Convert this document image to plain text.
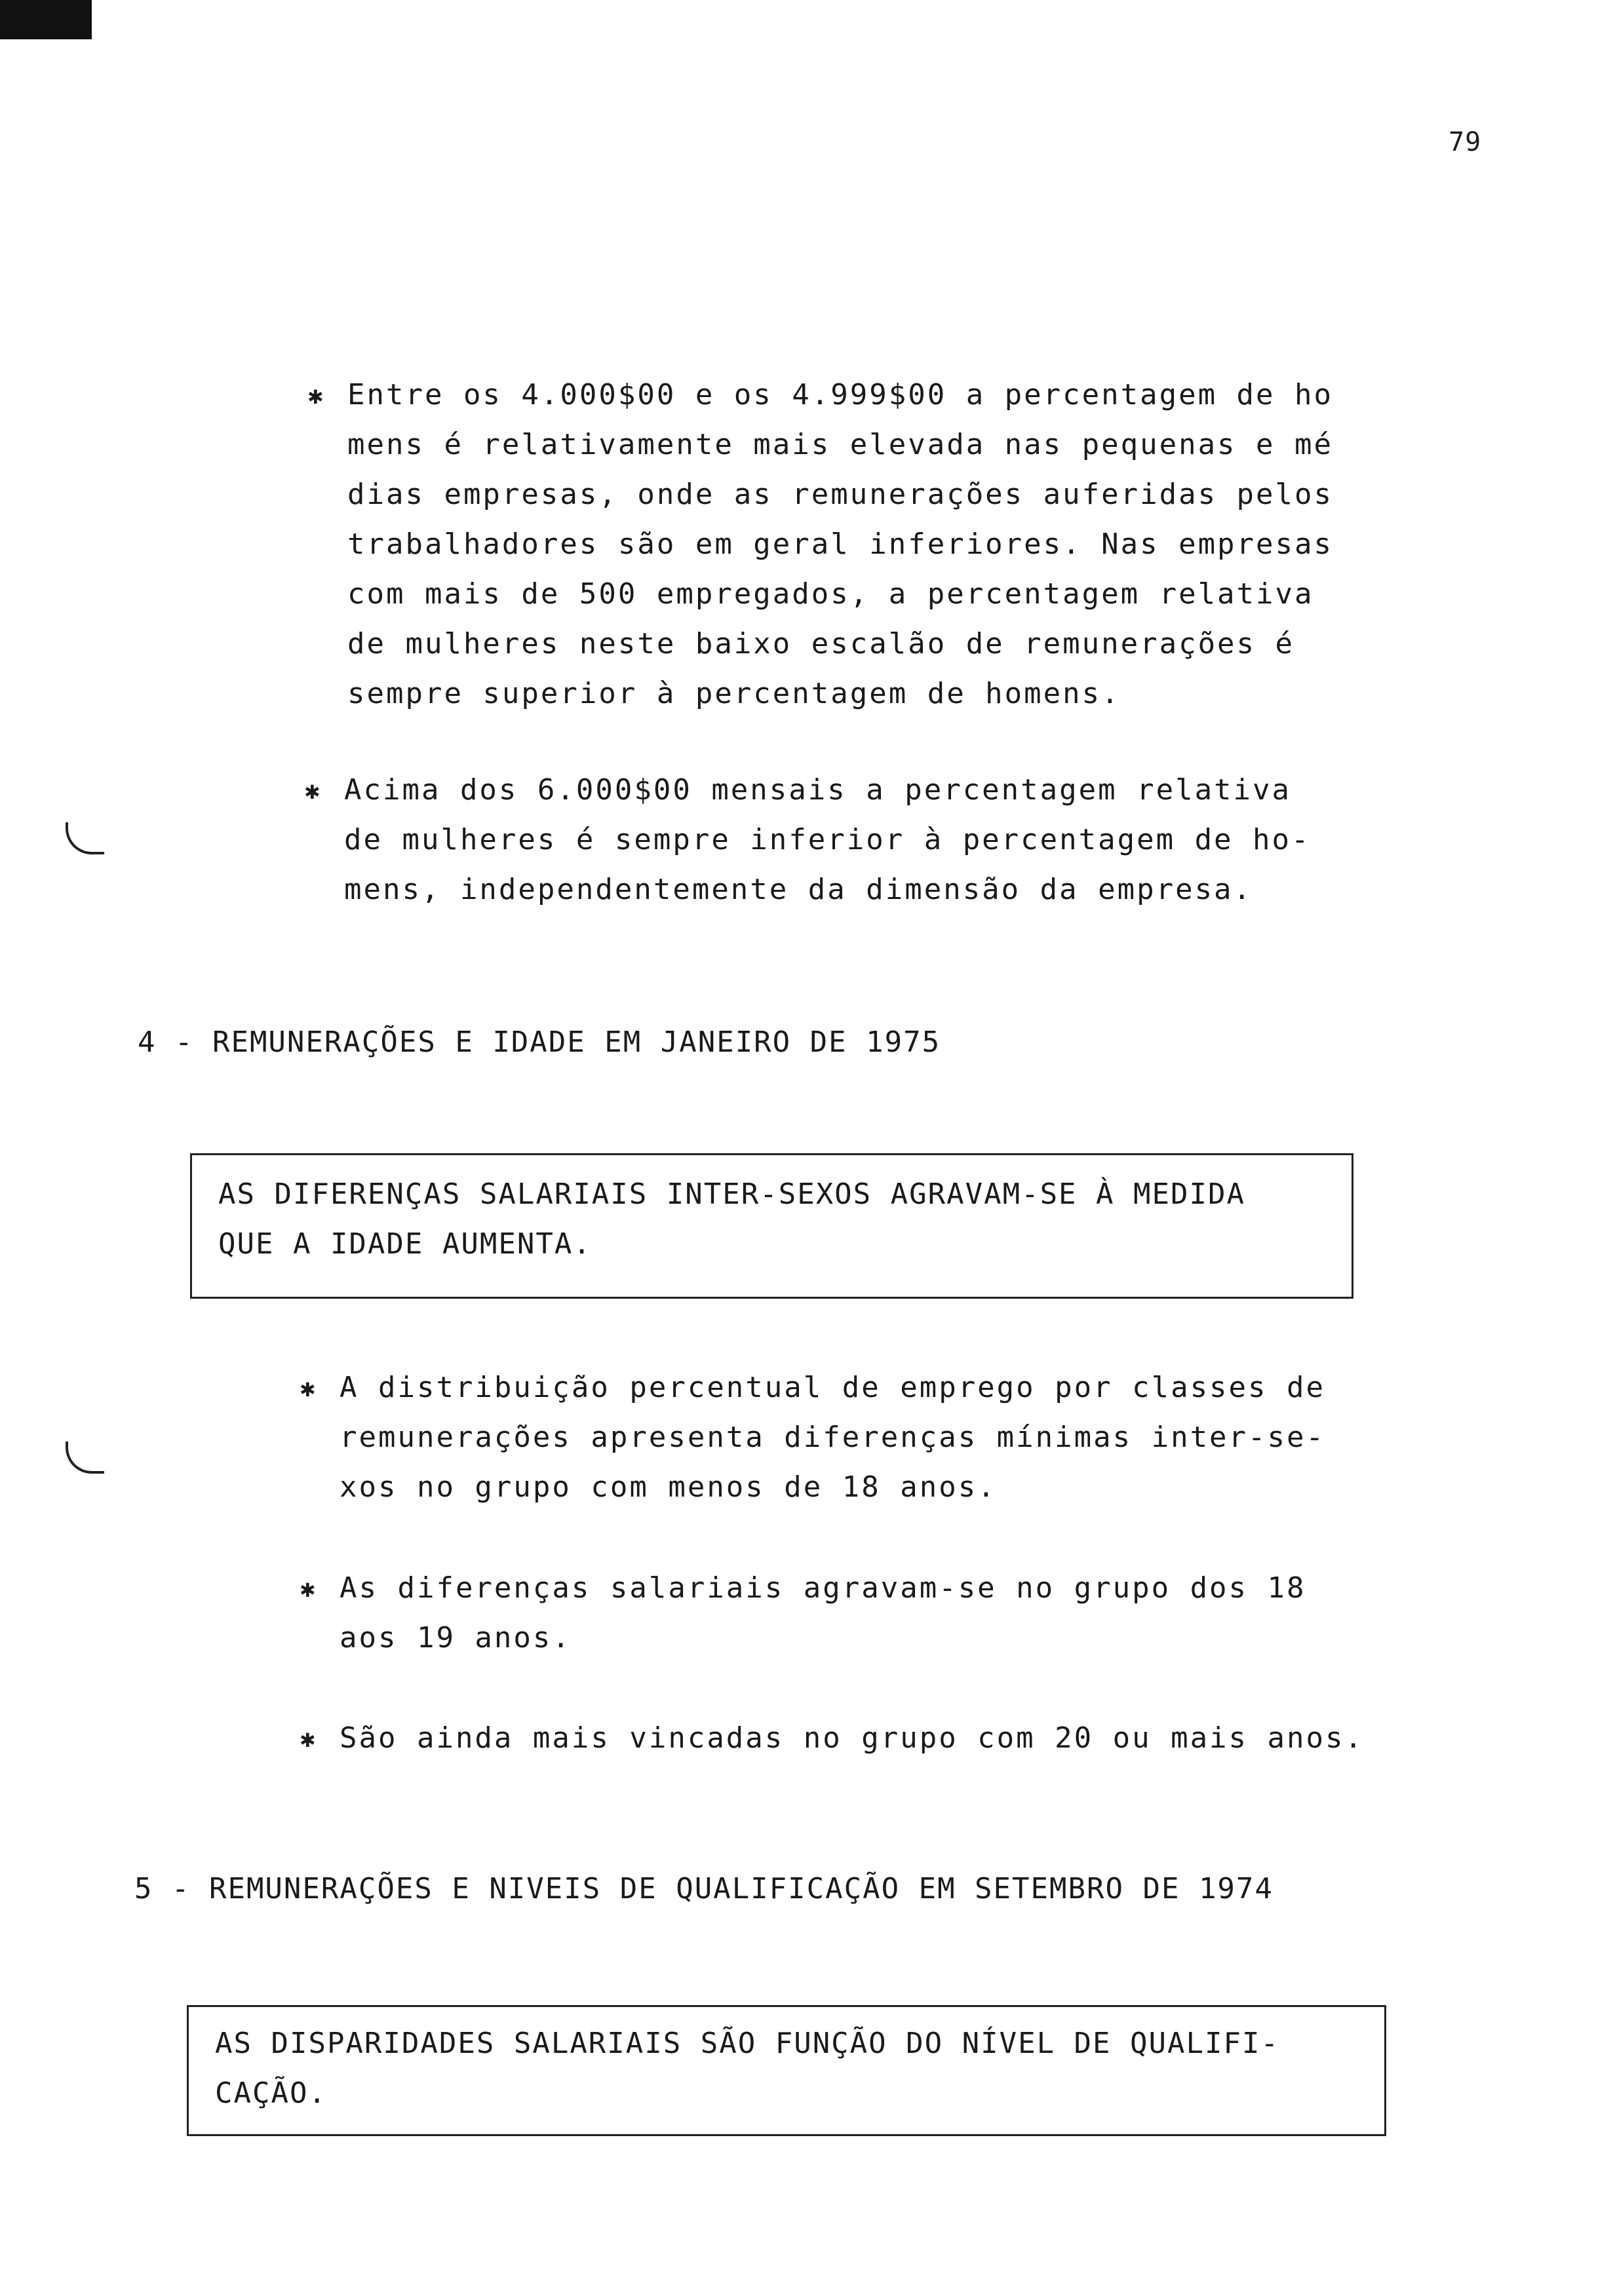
79
✱ Entre os 4.000$00 e os 4.999$00 a percentagem de ho
mens é relativamente mais elevada nas pequenas e mé
dias empresas, onde as remunerações auferidas pelos
trabalhadores são em geral inferiores. Nas empresas
com mais de 500 empregados, a percentagem relativa
de mulheres neste baixo escalão de remunerações é
sempre superior à percentagem de homens.
✱ Acima dos 6.000$00 mensais a percentagem relativa
de mulheres é sempre inferior à percentagem de ho-
mens, independentemente da dimensão da empresa.
4 - REMUNERAÇÕES E IDADE EM JANEIRO DE 1975
AS DIFERENÇAS SALARIAIS INTER-SEXOS AGRAVAM-SE À MEDIDA
QUE A IDADE AUMENTA.
✱ A distribuição percentual de emprego por classes de
remunerações apresenta diferenças mínimas inter-se-
xos no grupo com menos de 18 anos.
✱ As diferenças salariais agravam-se no grupo dos 18
aos 19 anos.
✱ São ainda mais vincadas no grupo com 20 ou mais anos.
5 - REMUNERAÇÕES E NIVEIS DE QUALIFICAÇÃO EM SETEMBRO DE 1974
AS DISPARIDADES SALARIAIS SÃO FUNÇÃO DO NÍVEL DE QUALIFI-
CAÇÃO.
